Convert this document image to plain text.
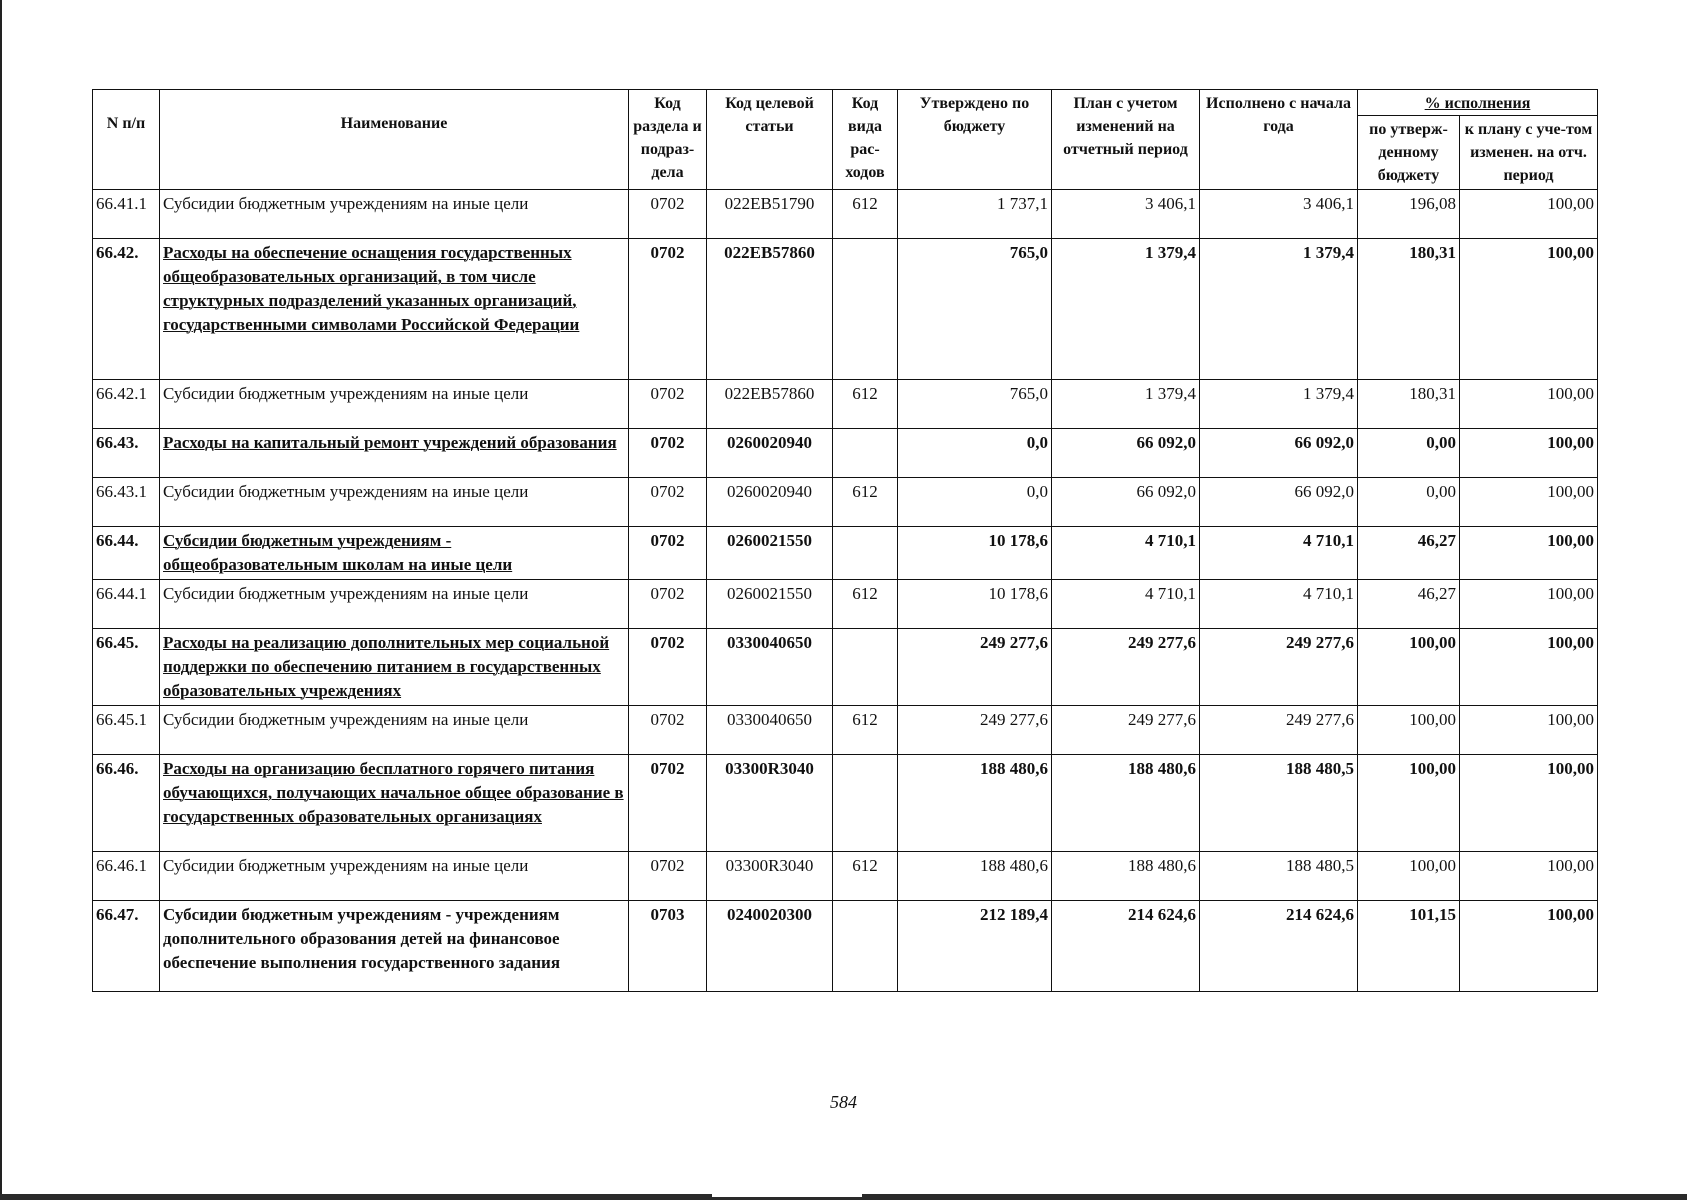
N п/п	Наименование	Код раздела и подраз-дела	Код целевой статьи	Код вида рас-ходов	Утверждено по бюджету	План с учетом изменений на отчетный период	Исполнено с начала года	% исполнения	
								по утверж-денному бюджету	к плану с уче-том изменен. на отч. период
66.41.1	Субсидии бюджетным учреждениям на иные цели	0702	022EB51790	612	1 737,1	3 406,1	3 406,1	196,08	100,00
66.42.	Расходы на обеспечение оснащения государственных общеобразовательных организаций, в том числе структурных подразделений указанных организаций, государственными символами Российской Федерации	0702	022EB57860		765,0	1 379,4	1 379,4	180,31	100,00
66.42.1	Субсидии бюджетным учреждениям на иные цели	0702	022EB57860	612	765,0	1 379,4	1 379,4	180,31	100,00
66.43.	Расходы на капитальный ремонт учреждений образования	0702	0260020940		0,0	66 092,0	66 092,0	0,00	100,00
66.43.1	Субсидии бюджетным учреждениям на иные цели	0702	0260020940	612	0,0	66 092,0	66 092,0	0,00	100,00
66.44.	Субсидии бюджетным учреждениям - общеобразовательным школам на иные цели	0702	0260021550		10 178,6	4 710,1	4 710,1	46,27	100,00
66.44.1	Субсидии бюджетным учреждениям на иные цели	0702	0260021550	612	10 178,6	4 710,1	4 710,1	46,27	100,00
66.45.	Расходы на реализацию дополнительных мер социальной поддержки по обеспечению питанием в государственных образовательных учреждениях	0702	0330040650		249 277,6	249 277,6	249 277,6	100,00	100,00
66.45.1	Субсидии бюджетным учреждениям на иные цели	0702	0330040650	612	249 277,6	249 277,6	249 277,6	100,00	100,00
66.46.	Расходы на организацию бесплатного горячего питания обучающихся, получающих начальное общее образование в государственных образовательных организациях	0702	03300R3040		188 480,6	188 480,6	188 480,5	100,00	100,00
66.46.1	Субсидии бюджетным учреждениям на иные цели	0702	03300R3040	612	188 480,6	188 480,6	188 480,5	100,00	100,00
66.47.	Субсидии бюджетным учреждениям - учреждениям дополнительного образования детей на финансовое обеспечение выполнения государственного задания	0703	0240020300		212 189,4	214 624,6	214 624,6	101,15	100,00
584
